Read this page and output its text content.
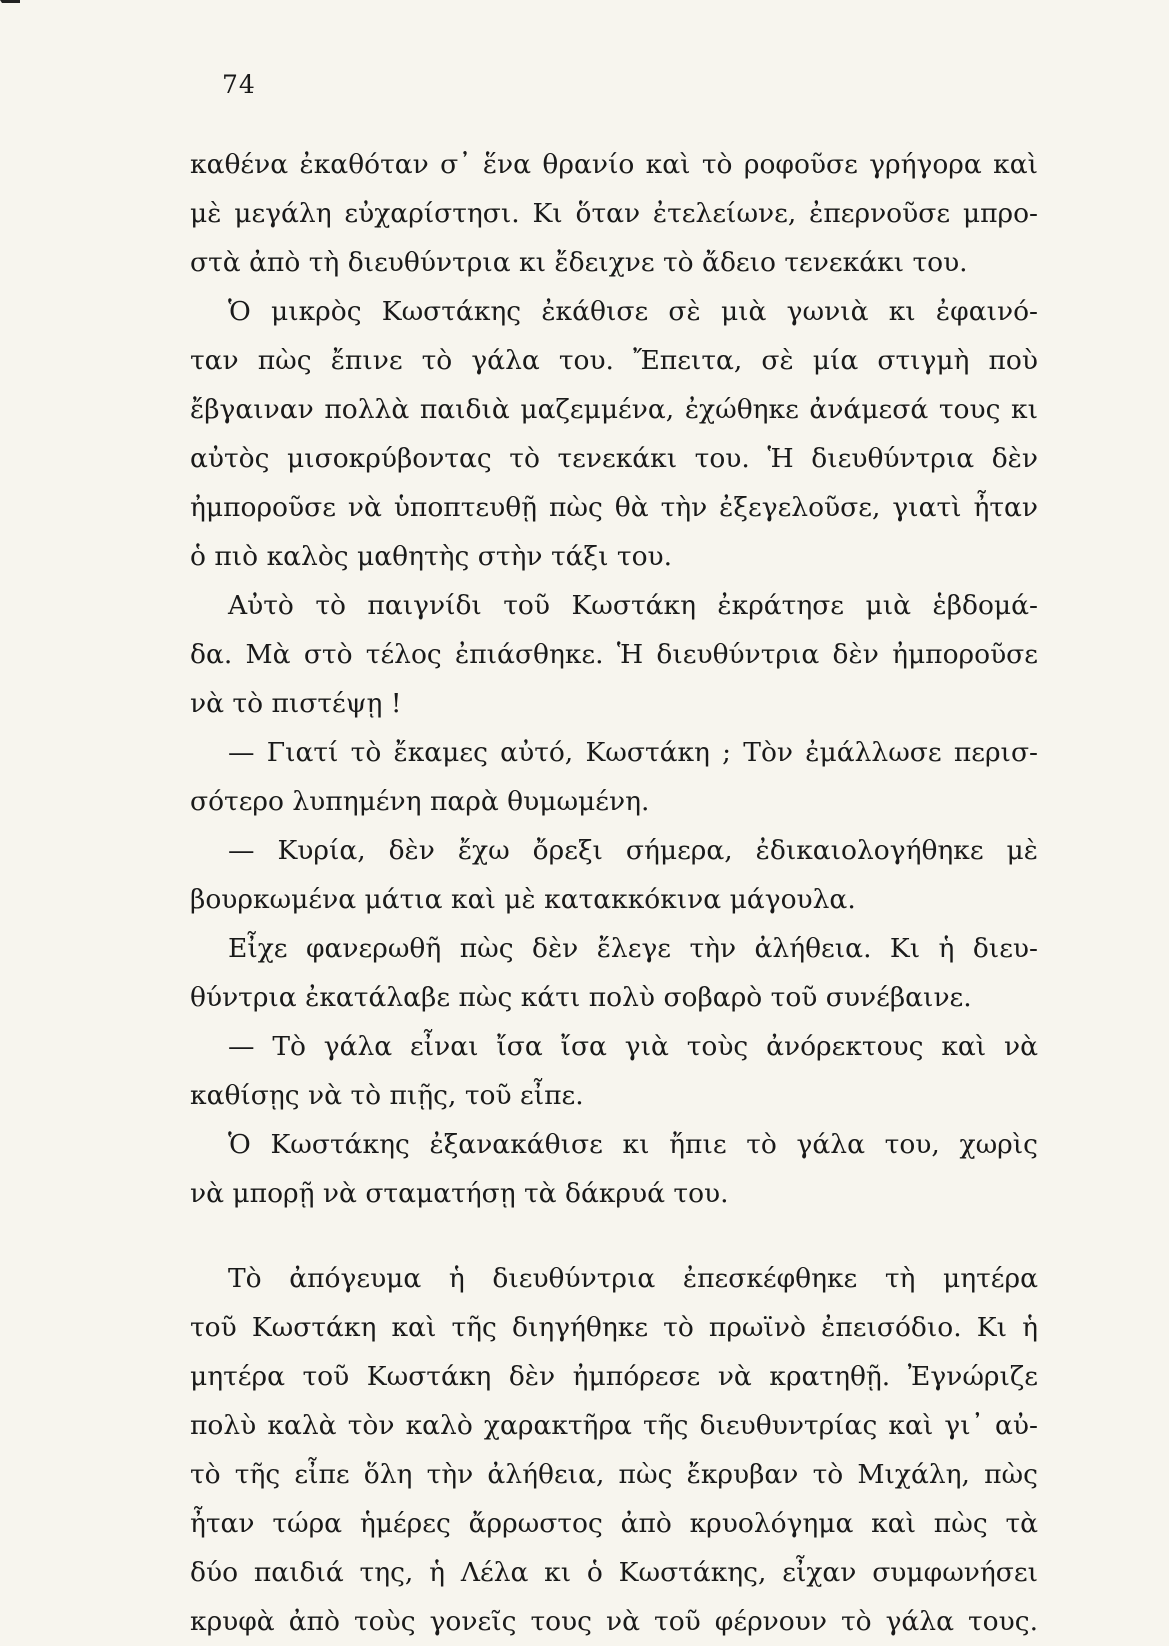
74
καθένα ἐκαθόταν σ᾿ ἕνα θρανίο καὶ τὸ ροφοῦσε γρήγορα καὶ
μὲ μεγάλη εὐχαρίστησι. Κι ὅταν ἐτελείωνε, ἐπερνοῦσε μπρο-
στὰ ἀπὸ τὴ διευθύντρια κι ἔδειχνε τὸ ἄδειο τενεκάκι του.
Ὁ μικρὸς Κωστάκης ἐκάθισε σὲ μιὰ γωνιὰ κι ἐφαινό-
ταν πὼς ἔπινε τὸ γάλα του. Ἔπειτα, σὲ μία στιγμὴ ποὺ
ἔβγαιναν πολλὰ παιδιὰ μαζεμμένα, ἐχώθηκε ἀνάμεσά τους κι
αὐτὸς μισοκρύβοντας τὸ τενεκάκι του. Ἡ διευθύντρια δὲν
ἠμποροῦσε νὰ ὑποπτευθῇ πὼς θὰ τὴν ἐξεγελοῦσε, γιατὶ ἦταν
ὁ πιὸ καλὸς μαθητὴς στὴν τάξι του.
Αὐτὸ τὸ παιγνίδι τοῦ Κωστάκη ἐκράτησε μιὰ ἑβδομά-
δα. Μὰ στὸ τέλος ἐπιάσθηκε. Ἡ διευθύντρια δὲν ἠμποροῦσε
νὰ τὸ πιστέψῃ !
— Γιατί τὸ ἔκαμες αὐτό, Κωστάκη ; Τὸν ἐμάλλωσε περισ-
σότερο λυπημένη παρὰ θυμωμένη.
— Κυρία, δὲν ἔχω ὄρεξι σήμερα, ἐδικαιολογήθηκε μὲ
βουρκωμένα μάτια καὶ μὲ κατακκόκινα μάγουλα.
Εἶχε φανερωθῆ πὼς δὲν ἔλεγε τὴν ἀλήθεια. Κι ἡ διευ-
θύντρια ἐκατάλαβε πὼς κάτι πολὺ σοβαρὸ τοῦ συνέβαινε.
— Τὸ γάλα εἶναι ἴσα ἴσα γιὰ τοὺς ἀνόρεκτους καὶ νὰ
καθίσῃς νὰ τὸ πιῇς, τοῦ εἶπε.
Ὁ Κωστάκης ἐξανακάθισε κι ἤπιε τὸ γάλα του, χωρὶς
νὰ μπορῇ νὰ σταματήσῃ τὰ δάκρυά του.
Τὸ ἀπόγευμα ἡ διευθύντρια ἐπεσκέφθηκε τὴ μητέρα
τοῦ Κωστάκη καὶ τῆς διηγήθηκε τὸ πρωϊνὸ ἐπεισόδιο. Κι ἡ
μητέρα τοῦ Κωστάκη δὲν ἠμπόρεσε νὰ κρατηθῇ. Ἐγνώριζε
πολὺ καλὰ τὸν καλὸ χαρακτῆρα τῆς διευθυντρίας καὶ γι᾿ αὐ-
τὸ τῆς εἶπε ὅλη τὴν ἀλήθεια, πὼς ἔκρυβαν τὸ Μιχάλη, πὼς
ἦταν τώρα ἡμέρες ἄρρωστος ἀπὸ κρυολόγημα καὶ πὼς τὰ
δύο παιδιά της, ἡ Λέλα κι ὁ Κωστάκης, εἶχαν συμφωνήσει
κρυφὰ ἀπὸ τοὺς γονεῖς τους νὰ τοῦ φέρνουν τὸ γάλα τους.
